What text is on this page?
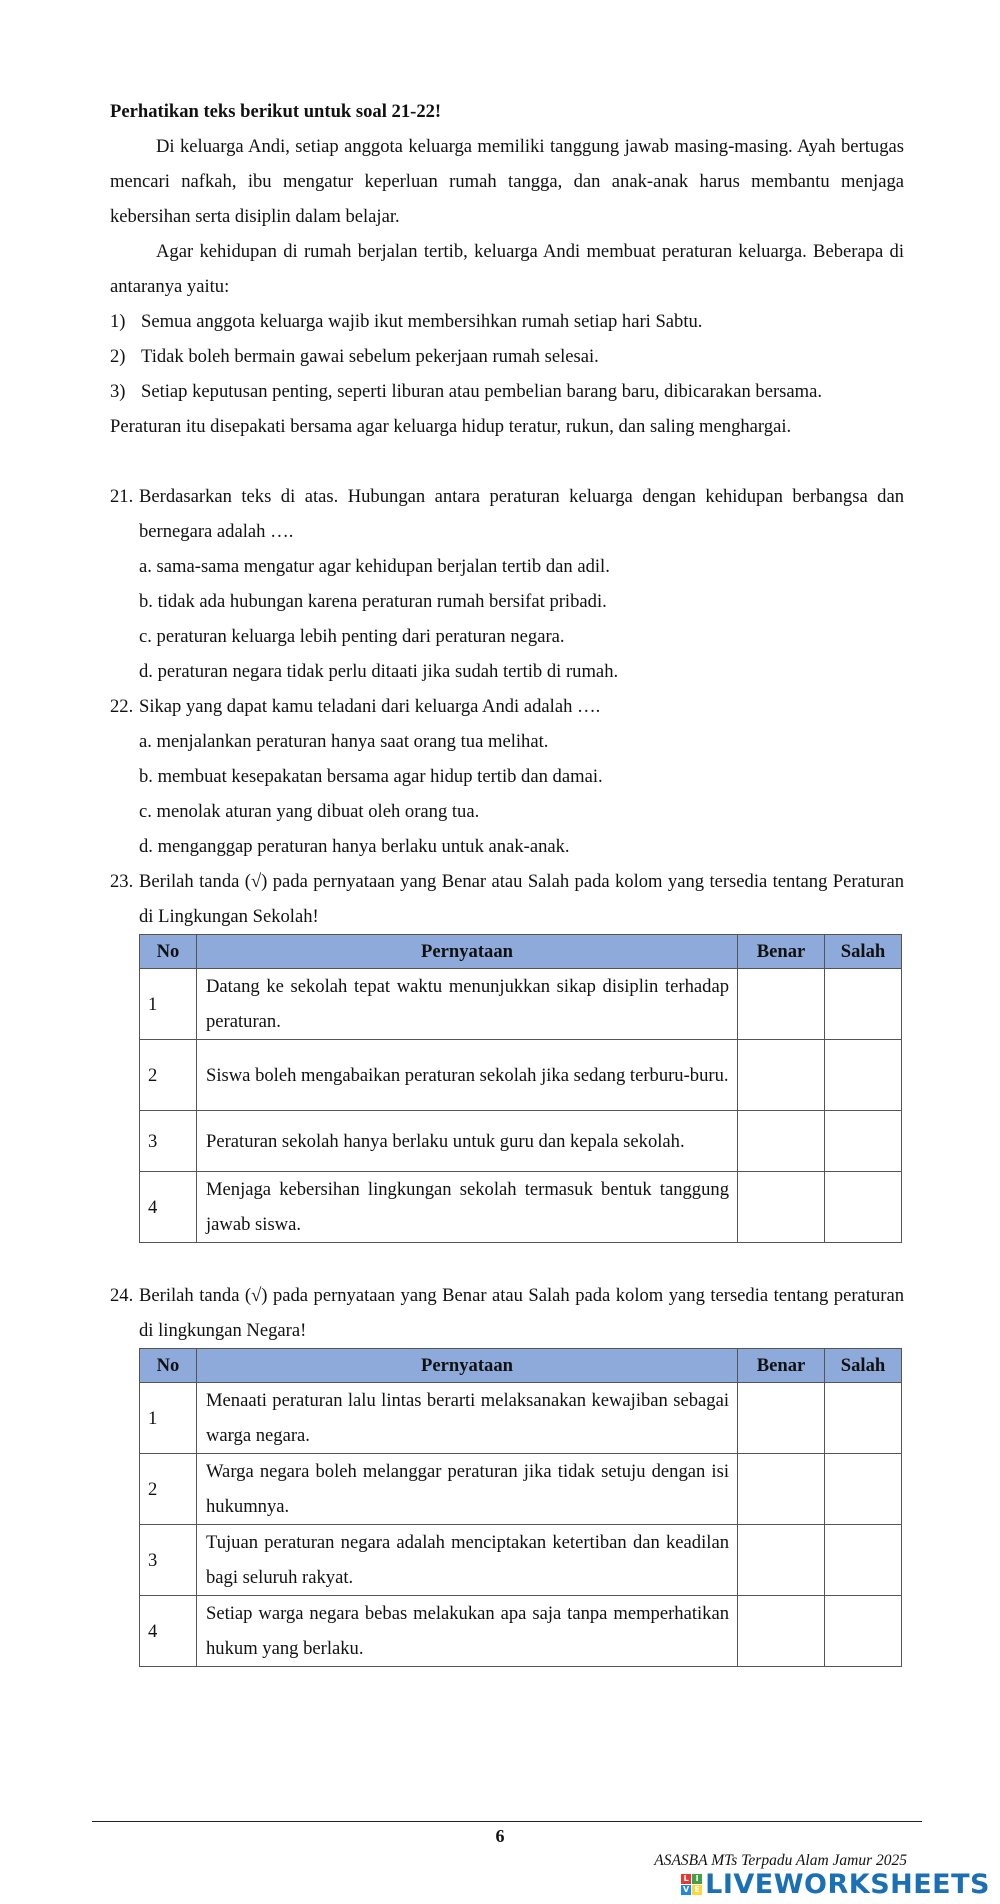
Perhatikan teks berikut untuk soal 21-22!

Di keluarga Andi, setiap anggota keluarga memiliki tanggung jawab masing-masing. Ayah bertugas mencari nafkah, ibu mengatur keperluan rumah tangga, dan anak-anak harus membantu menjaga kebersihan serta disiplin dalam belajar.

Agar kehidupan di rumah berjalan tertib, keluarga Andi membuat peraturan keluarga. Beberapa di antaranya yaitu:

1) Semua anggota keluarga wajib ikut membersihkan rumah setiap hari Sabtu.
2) Tidak boleh bermain gawai sebelum pekerjaan rumah selesai.
3) Setiap keputusan penting, seperti liburan atau pembelian barang baru, dibicarakan bersama.

Peraturan itu disepakati bersama agar keluarga hidup teratur, rukun, dan saling menghargai.

21. Berdasarkan teks di atas. Hubungan antara peraturan keluarga dengan kehidupan berbangsa dan bernegara adalah ….
a. sama-sama mengatur agar kehidupan berjalan tertib dan adil.
b. tidak ada hubungan karena peraturan rumah bersifat pribadi.
c. peraturan keluarga lebih penting dari peraturan negara.
d. peraturan negara tidak perlu ditaati jika sudah tertib di rumah.
22. Sikap yang dapat kamu teladani dari keluarga Andi adalah ….
a. menjalankan peraturan hanya saat orang tua melihat.
b. membuat kesepakatan bersama agar hidup tertib dan damai.
c. menolak aturan yang dibuat oleh orang tua.
d. menganggap peraturan hanya berlaku untuk anak-anak.
23. Berilah tanda (√) pada pernyataan yang Benar atau Salah pada kolom yang tersedia tentang Peraturan di Lingkungan Sekolah!
No	Pernyataan	Benar	Salah
1	Datang ke sekolah tepat waktu menunjukkan sikap disiplin terhadap peraturan.		
2	Siswa boleh mengabaikan peraturan sekolah jika sedang terburu-buru.		
3	Peraturan sekolah hanya berlaku untuk guru dan kepala sekolah.		
4	Menjaga kebersihan lingkungan sekolah termasuk bentuk tanggung jawab siswa.		
24. Berilah tanda (√) pada pernyataan yang Benar atau Salah pada kolom yang tersedia tentang peraturan di lingkungan Negara!
No	Pernyataan	Benar	Salah
1	Menaati peraturan lalu lintas berarti melaksanakan kewajiban sebagai warga negara.		
2	Warga negara boleh melanggar peraturan jika tidak setuju dengan isi hukumnya.		
3	Tujuan peraturan negara adalah menciptakan ketertiban dan keadilan bagi seluruh rakyat.		
4	Setiap warga negara bebas melakukan apa saja tanpa memperhatikan hukum yang berlaku.		
6
ASASBA MTs Terpadu Alam Jamur 2025
L I
V E LIVEWORKSHEETS
